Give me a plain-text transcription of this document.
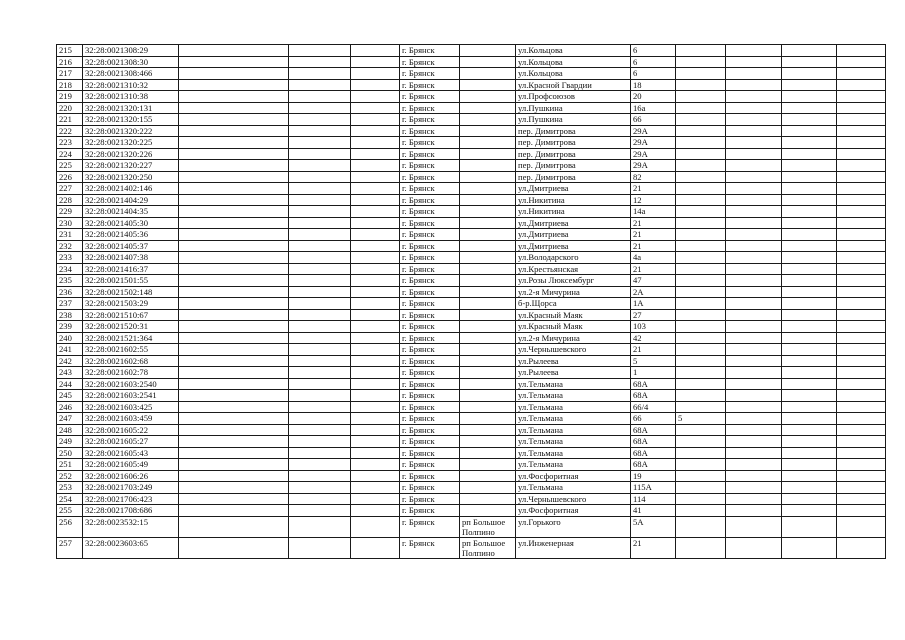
215	32:28:0021308:29				г. Брянск		ул.Кольцова	6				
216	32:28:0021308:30				г. Брянск		ул.Кольцова	6				
217	32:28:0021308:466				г. Брянск		ул.Кольцова	6				
218	32:28:0021310:32				г. Брянск		ул.Красной Гвардии	18				
219	32:28:0021310:38				г. Брянск		ул.Профсоюзов	20				
220	32:28:0021320:131				г. Брянск		ул.Пушкина	16а				
221	32:28:0021320:155				г. Брянск		ул.Пушкина	66				
222	32:28:0021320:222				г. Брянск		пер. Димитрова	29А				
223	32:28:0021320:225				г. Брянск		пер. Димитрова	29А				
224	32:28:0021320:226				г. Брянск		пер. Димитрова	29А				
225	32:28:0021320:227				г. Брянск		пер. Димитрова	29А				
226	32:28:0021320:250				г. Брянск		пер. Димитрова	82				
227	32:28:0021402:146				г. Брянск		ул.Дмитриева	21				
228	32:28:0021404:29				г. Брянск		ул.Никитина	12				
229	32:28:0021404:35				г. Брянск		ул.Никитина	14а				
230	32:28:0021405:30				г. Брянск		ул.Дмитриева	21				
231	32:28:0021405:36				г. Брянск		ул.Дмитриева	21				
232	32:28:0021405:37				г. Брянск		ул.Дмитриева	21				
233	32:28:0021407:38				г. Брянск		ул.Володарского	4а				
234	32:28:0021416:37				г. Брянск		ул.Крестьянская	21				
235	32:28:0021501:55				г. Брянск		ул.Розы Люксембург	47				
236	32:28:0021502:148				г. Брянск		ул.2-я Мичурина	2А				
237	32:28:0021503:29				г. Брянск		б-р.Щорса	1А				
238	32:28:0021510:67				г. Брянск		ул.Красный Маяк	27				
239	32:28:0021520:31				г. Брянск		ул.Красный Маяк	103				
240	32:28:0021521:364				г. Брянск		ул.2-я Мичурина	42				
241	32:28:0021602:55				г. Брянск		ул.Чернышевского	21				
242	32:28:0021602:68				г. Брянск		ул.Рылеева	5				
243	32:28:0021602:78				г. Брянск		ул.Рылеева	1				
244	32:28:0021603:2540				г. Брянск		ул.Тельмана	68А				
245	32:28:0021603:2541				г. Брянск		ул.Тельмана	68А				
246	32:28:0021603:425				г. Брянск		ул.Тельмана	66/4				
247	32:28:0021603:459				г. Брянск		ул.Тельмана	66	5			
248	32:28:0021605:22				г. Брянск		ул.Тельмана	68А				
249	32:28:0021605:27				г. Брянск		ул.Тельмана	68А				
250	32:28:0021605:43				г. Брянск		ул.Тельмана	68А				
251	32:28:0021605:49				г. Брянск		ул.Тельмана	68А				
252	32:28:0021606:26				г. Брянск		ул.Фосфоритная	19				
253	32:28:0021703:249				г. Брянск		ул.Тельмана	115А				
254	32:28:0021706:423				г. Брянск		ул.Чернышевского	114				
255	32:28:0021708:686				г. Брянск		ул.Фосфоритная	41				
256	32:28:0023532:15				г. Брянск	рп Большое Полпино	ул.Горького	5А				
257	32:28:0023603:65				г. Брянск	рп Большое Полпино	ул.Инженерная	21				
